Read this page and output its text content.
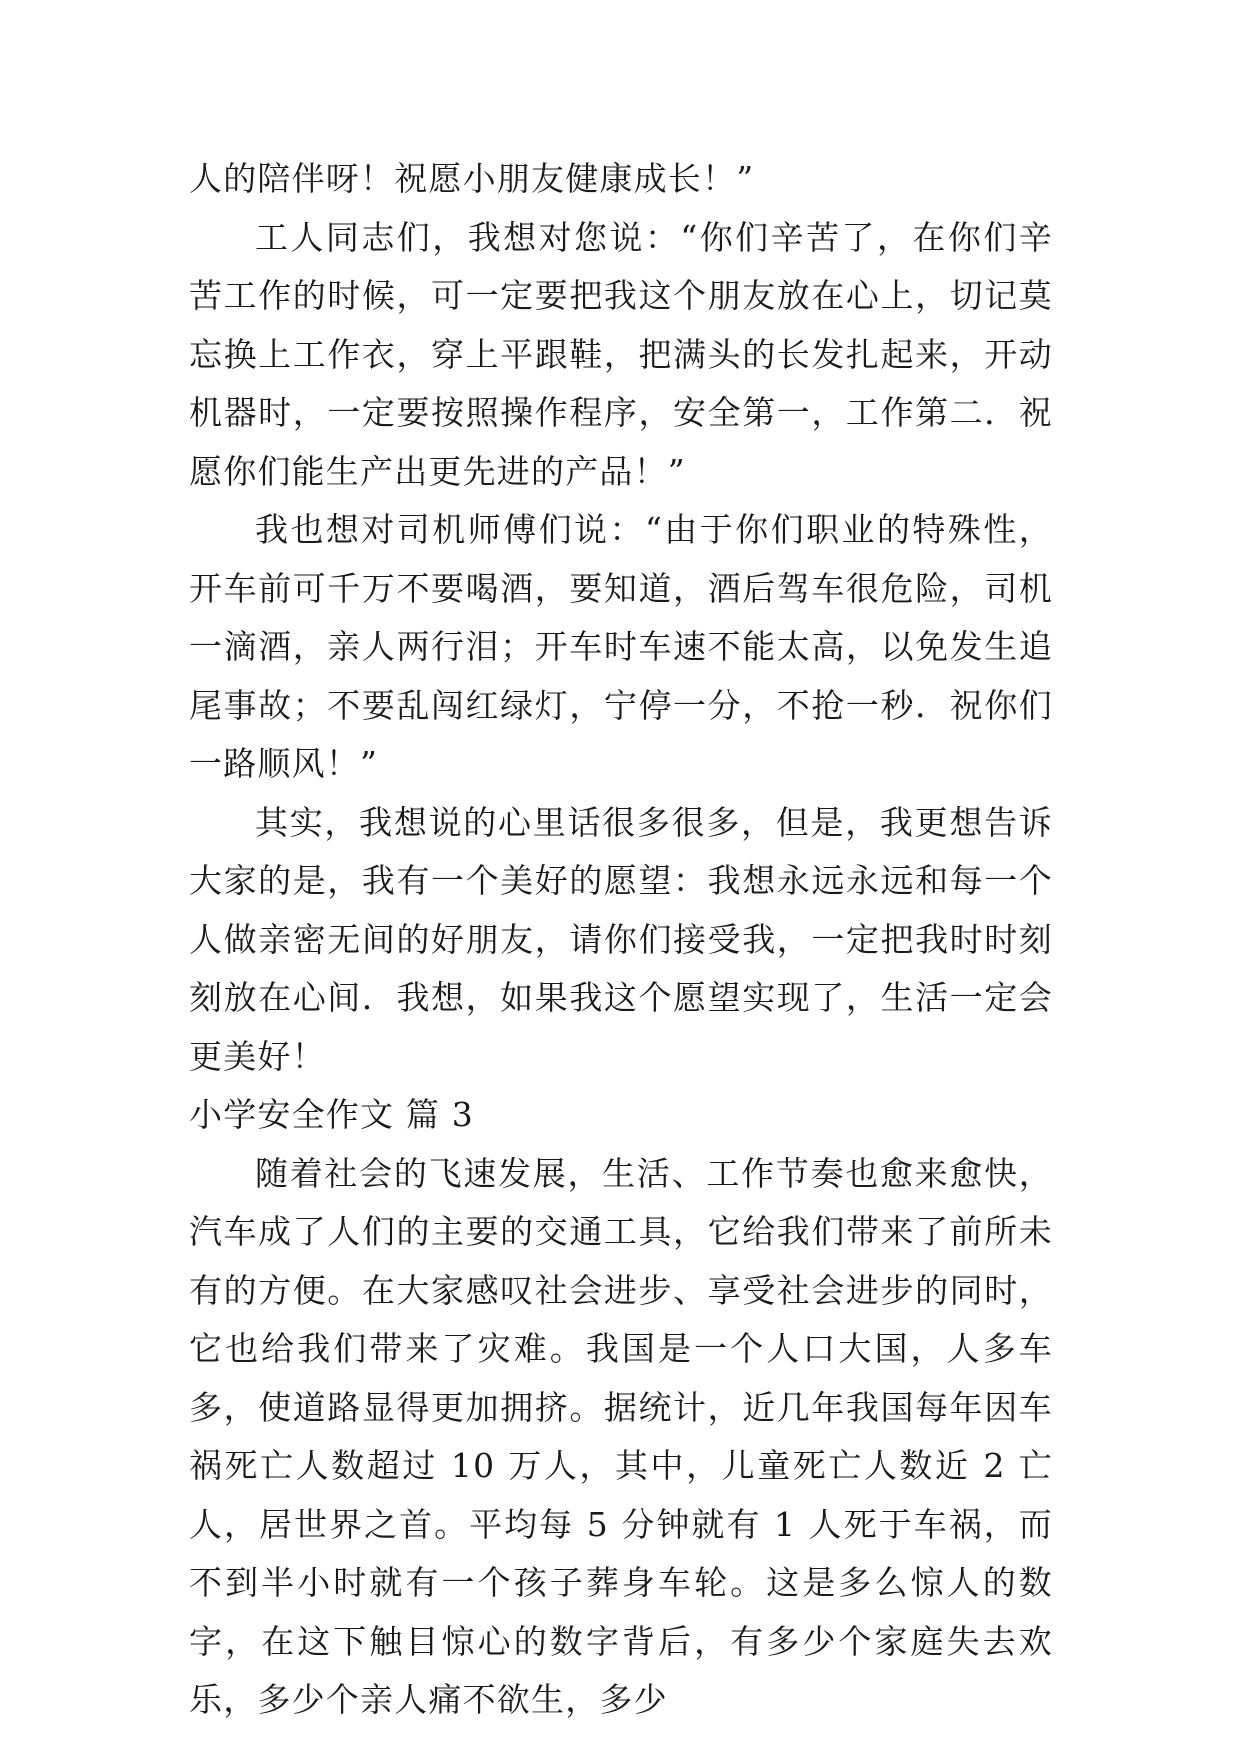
人的陪伴呀！祝愿小朋友健康成长！”

工人同志们，我想对您说：“你们辛苦了，在你们辛苦工作的时候，可一定要把我这个朋友放在心上，切记莫忘换上工作衣，穿上平跟鞋，把满头的长发扎起来，开动机器时，一定要按照操作程序，安全第一，工作第二．祝愿你们能生产出更先进的产品！”

我也想对司机师傅们说：“由于你们职业的特殊性，开车前可千万不要喝酒，要知道，酒后驾车很危险，司机一滴酒，亲人两行泪；开车时车速不能太高，以免发生追尾事故；不要乱闯红绿灯，宁停一分，不抢一秒．祝你们一路顺风！”

其实，我想说的心里话很多很多，但是，我更想告诉大家的是，我有一个美好的愿望：我想永远永远和每一个人做亲密无间的好朋友，请你们接受我，一定把我时时刻刻放在心间．我想，如果我这个愿望实现了，生活一定会更美好！

小学安全作文 篇 3

随着社会的飞速发展，生活、工作节奏也愈来愈快，汽车成了人们的主要的交通工具，它给我们带来了前所未有的方便。在大家感叹社会进步、享受社会进步的同时，它也给我们带来了灾难。我国是一个人口大国，人多车多，使道路显得更加拥挤。据统计，近几年我国每年因车祸死亡人数超过 10 万人，其中，儿童死亡人数近 2 亡人，居世界之首。平均每 5 分钟就有 1 人死于车祸，而不到半小时就有一个孩子葬身车轮。这是多么惊人的数字，在这下触目惊心的数字背后，有多少个家庭失去欢乐，多少个亲人痛不欲生，多少
